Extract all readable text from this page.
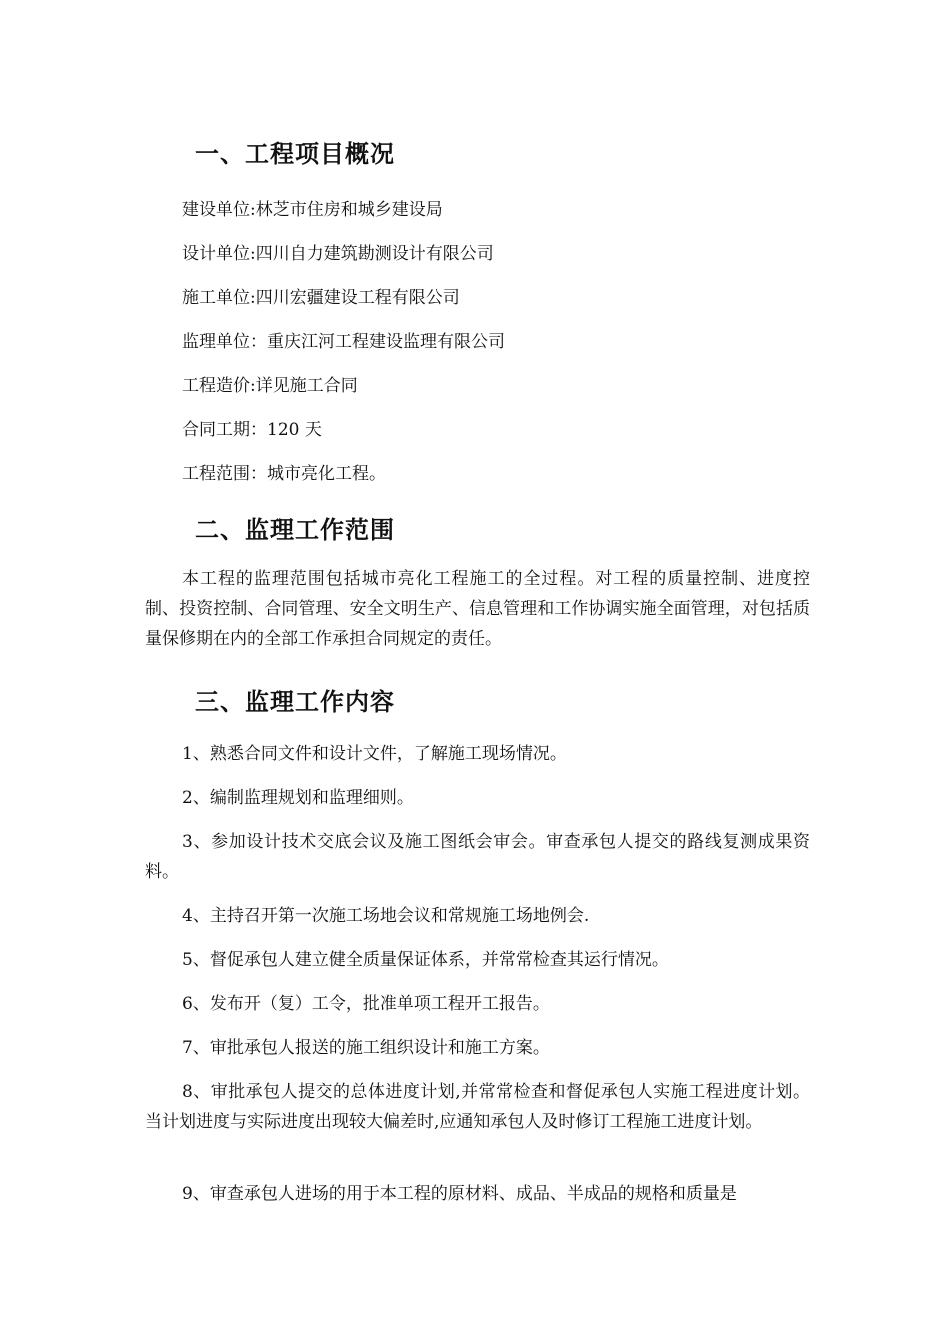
一、工程项目概况
建设单位:林芝市住房和城乡建设局
设计单位:四川自力建筑勘测设计有限公司
施工单位:四川宏疆建设工程有限公司
监理单位：重庆江河工程建设监理有限公司
工程造价:详见施工合同
合同工期：120 天
工程范围：城市亮化工程。
二、监理工作范围
本工程的监理范围包括城市亮化工程施工的全过程。对工程的质量控制、进度控制、投资控制、合同管理、安全文明生产、信息管理和工作协调实施全面管理，对包括质量保修期在内的全部工作承担合同规定的责任。
三、监理工作内容
1、熟悉合同文件和设计文件，了解施工现场情况。
2、编制监理规划和监理细则。
3、参加设计技术交底会议及施工图纸会审会。审查承包人提交的路线复测成果资料。
4、主持召开第一次施工场地会议和常规施工场地例会.
5、督促承包人建立健全质量保证体系，并常常检查其运行情况。
6、发布开（复）工令，批准单项工程开工报告。
7、审批承包人报送的施工组织设计和施工方案。
8、审批承包人提交的总体进度计划,并常常检查和督促承包人实施工程进度计划。当计划进度与实际进度出现较大偏差时,应通知承包人及时修订工程施工进度计划。
9、审查承包人进场的用于本工程的原材料、成品、半成品的规格和质量是
